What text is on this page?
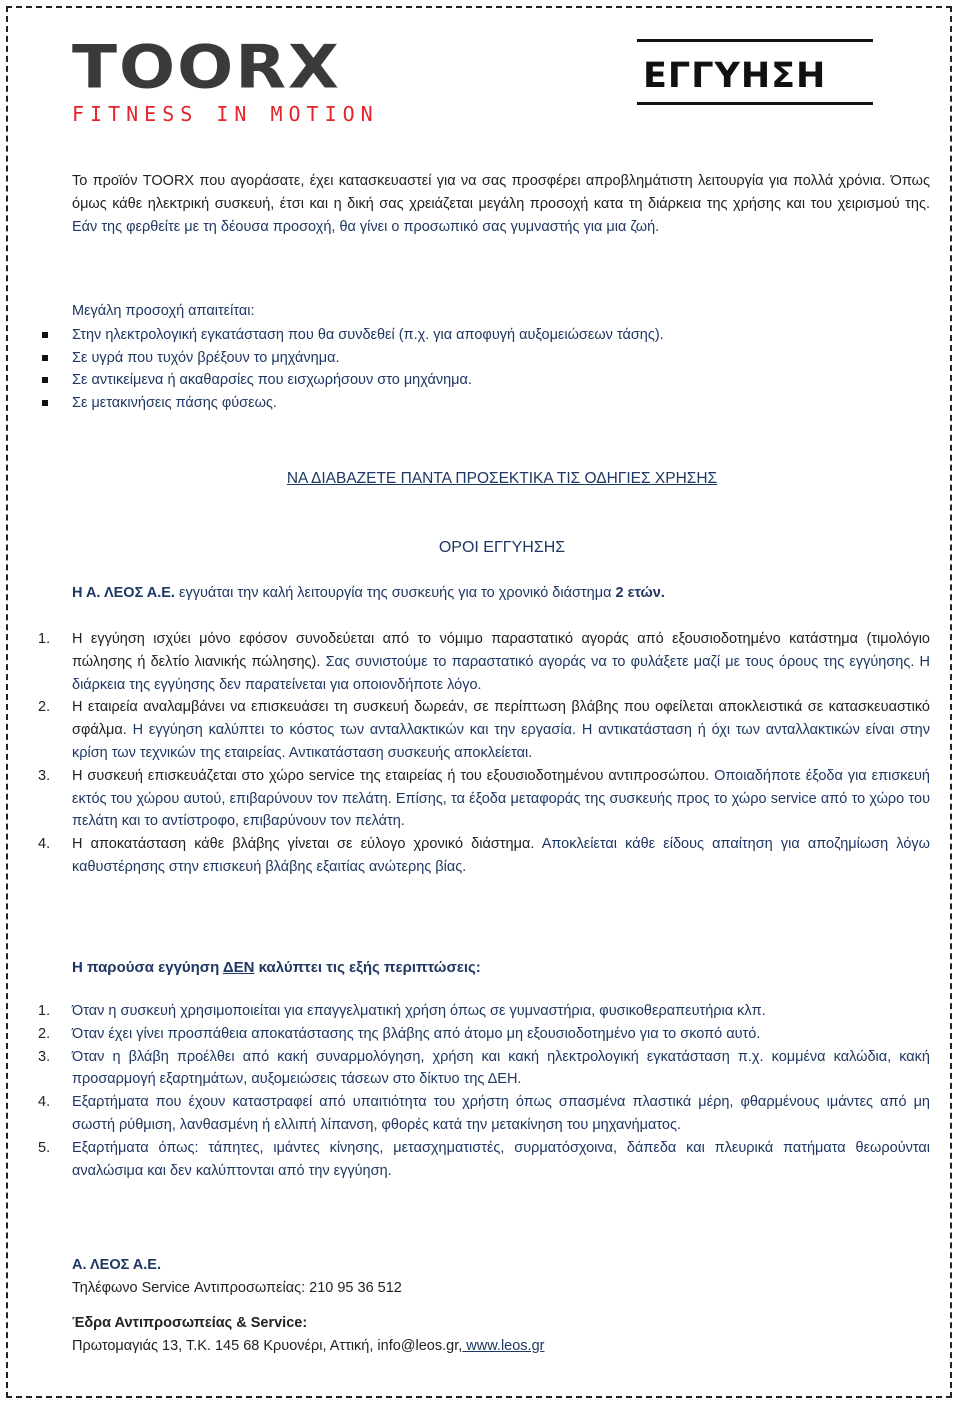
TOORX
FITNESS IN MOTION
ΕΓΓΥΗΣΗ

Το προϊόν TOORX που αγοράσατε, έχει κατασκευαστεί για να σας προσφέρει απροβλημάτιστη λειτουργία για πολλά χρόνια. Όπως όμως κάθε ηλεκτρική συσκευή, έτσι και η δική σας χρειάζεται μεγάλη προσοχή κατα τη διάρκεια της χρήσης και του χειρισμού της. Εάν της φερθείτε με τη δέουσα προσοχή, θα γίνει ο προσωπικό σας γυμναστής για μια ζωή.

Μεγάλη προσοχή απαιτείται:
Στην ηλεκτρολογική εγκατάσταση που θα συνδεθεί (π.χ. για αποφυγή αυξομειώσεων τάσης).
Σε υγρά που τυχόν βρέξουν το μηχάνημα.
Σε αντικείμενα ή ακαθαρσίες που εισχωρήσουν στο μηχάνημα.
Σε μετακινήσεις πάσης φύσεως.
ΝΑ ΔΙΑΒΑΖΕΤΕ ΠΑΝΤΑ ΠΡΟΣΕΚΤΙΚΑ ΤΙΣ ΟΔΗΓΙΕΣ ΧΡΗΣΗΣ
ΟΡΟΙ ΕΓΓΥΗΣΗΣ
Η Α. ΛΕΟΣ Α.Ε. εγγυάται την καλή λειτουργία της συσκευής για το χρονικό διάστημα 2 ετών.
1. Η εγγύηση ισχύει μόνο εφόσον συνοδεύεται από το νόμιμο παραστατικό αγοράς από εξουσιοδοτημένο κατάστημα (τιμολόγιο πώλησης ή δελτίο λιανικής πώλησης). Σας συνιστούμε το παραστατικό αγοράς να το φυλάξετε μαζί με τους όρους της εγγύησης. Η διάρκεια της εγγύησης δεν παρατείνεται για οποιονδήποτε λόγο.
2. Η εταιρεία αναλαμβάνει να επισκευάσει τη συσκευή δωρεάν, σε περίπτωση βλάβης που οφείλεται αποκλειστικά σε κατασκευαστικό σφάλμα. Η εγγύηση καλύπτει το κόστος των ανταλλακτικών και την εργασία. Η αντικατάσταση ή όχι των ανταλλακτικών είναι στην κρίση των τεχνικών της εταιρείας. Αντικατάσταση συσκευής αποκλείεται.
3. Η συσκευή επισκευάζεται στο χώρο service της εταιρείας ή του εξουσιοδοτημένου αντιπροσώπου. Οποιαδήποτε έξοδα για επισκευή εκτός του χώρου αυτού, επιβαρύνουν τον πελάτη. Επίσης, τα έξοδα μεταφοράς της συσκευής προς το χώρο service από το χώρο του πελάτη και το αντίστροφο, επιβαρύνουν τον πελάτη.
4. Η αποκατάσταση κάθε βλάβης γίνεται σε εύλογο χρονικό διάστημα. Αποκλείεται κάθε είδους απαίτηση για αποζημίωση λόγω καθυστέρησης στην επισκευή βλάβης εξαιτίας ανώτερης βίας.
Η παρούσα εγγύηση ΔΕΝ καλύπτει τις εξής περιπτώσεις:
1. Όταν η συσκευή χρησιμοποιείται για επαγγελματική χρήση όπως σε γυμναστήρια, φυσικοθεραπευτήρια κλπ.
2. Όταν έχει γίνει προσπάθεια αποκατάστασης της βλάβης από άτομο μη εξουσιοδοτημένο για το σκοπό αυτό.
3. Όταν η βλάβη προέλθει από κακή συναρμολόγηση, χρήση και κακή ηλεκτρολογική εγκατάσταση π.χ. κομμένα καλώδια, κακή προσαρμογή εξαρτημάτων, αυξομειώσεις τάσεων στο δίκτυο της ΔΕΗ.
4. Εξαρτήματα που έχουν καταστραφεί από υπαιτιότητα του χρήστη όπως σπασμένα πλαστικά μέρη, φθαρμένους ιμάντες από μη σωστή ρύθμιση, λανθασμένη ή ελλιπή λίπανση, φθορές κατά την μετακίνηση του μηχανήματος.
5. Εξαρτήματα όπως: τάπητες, ιμάντες κίνησης, μετασχηματιστές, συρματόσχοινα, δάπεδα και πλευρικά πατήματα θεωρούνται αναλώσιμα και δεν καλύπτονται από την εγγύηση.

Α. ΛΕΟΣ Α.Ε.

Τηλέφωνο Service Αντιπροσωπείας: 210 95 36 512

Έδρα Αντιπροσωπείας & Service:

Πρωτομαγιάς 13, Τ.Κ. 145 68 Κρυονέρι, Αττική, info@leos.gr, www.leos.gr
